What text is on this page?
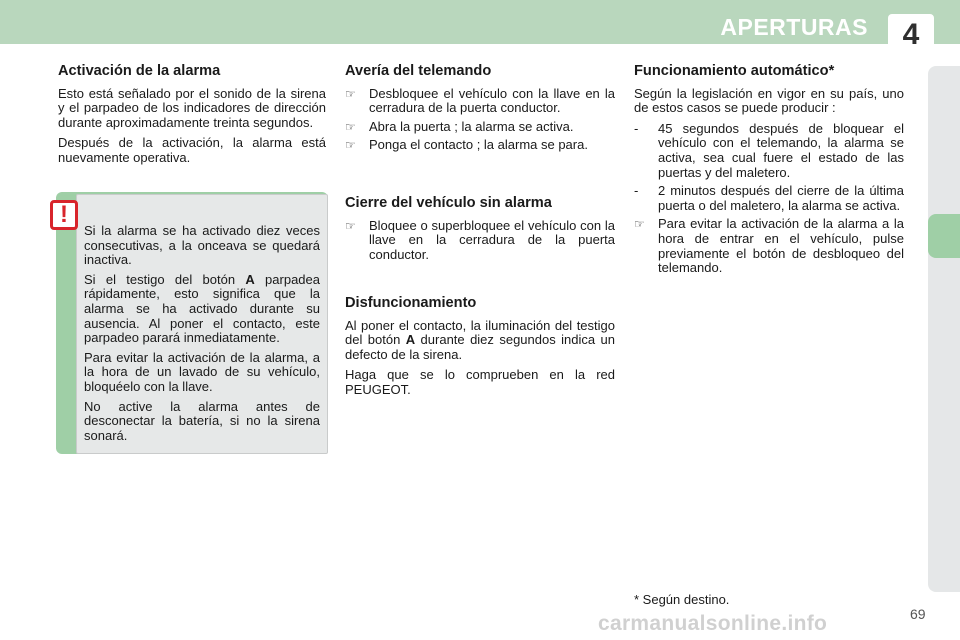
APERTURAS	4
Activación de la alarma

Esto está señalado por el sonido de la sirena y el parpadeo de los indicadores de dirección durante aproximadamente treinta segundos.

Después de la activación, la alarma está nuevamente operativa.

!

Si la alarma se ha activado diez veces consecutivas, a la onceava se quedará inactiva.

Si el testigo del botón A parpadea rápidamente, esto significa que la alarma se ha activado durante su ausencia. Al poner el contacto, este parpadeo parará inmediatamente.

Para evitar la activación de la alarma, a la hora de un lavado de su vehículo, bloquéelo con la llave.

No active la alarma antes de desconectar la batería, si no la sirena sonará.

Avería del telemando
☞	Desbloquee el vehículo con la llave en la cerradura de la puerta conductor.
☞	Abra la puerta ; la alarma se activa.
☞	Ponga el contacto ; la alarma se para.
Cierre del vehículo sin alarma
☞	Bloquee o superbloquee el vehículo con la llave en la cerradura de la puerta conductor.
Disfuncionamiento

Al poner el contacto, la iluminación del testigo del botón A durante diez segundos indica un defecto de la sirena.

Haga que se lo comprueben en la red PEUGEOT.

Funcionamiento automático*

Según la legislación en vigor en su país, uno de estos casos se puede producir :

-	45 segundos después de bloquear el vehículo con el telemando, la alarma se activa, sea cual fuere el estado de las puertas y del maletero.
-	2 minutos después del cierre de la última puerta o del maletero, la alarma se activa.
☞	Para evitar la activación de la alarma a la hora de entrar en el vehículo, pulse previamente el botón de desbloqueo del telemando.
* Según destino.
69
carmanualsonline.info
